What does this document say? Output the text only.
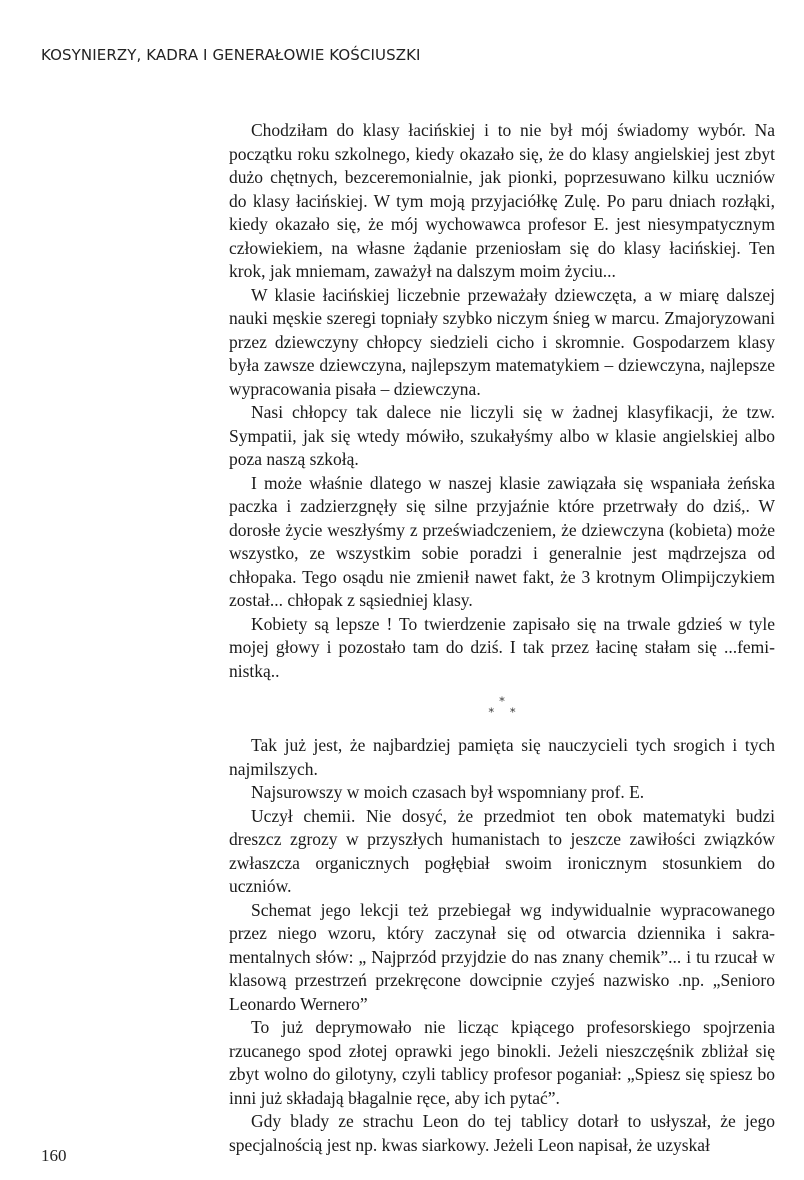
KOSYNIERZY, KADRA I GENERAŁOWIE KOŚCIUSZKI

Chodziłam do klasy łacińskiej i to nie był mój świadomy wybór. Na początku roku szkolnego, kiedy okazało się, że do klasy angielskiej jest zbyt dużo chętnych, bezceremonialnie, jak pionki, poprzesuwano kilku uczniów do klasy łacińskiej. W tym moją przyjaciółkę Zulę. Po paru dniach rozłąki, kiedy okazało się, że mój wychowawca profesor E. jest niesympatycznym człowiekiem, na własne żądanie przeniosłam się do klasy łacińskiej. Ten krok, jak mniemam, zaważył na dalszym moim życiu...

W klasie łacińskiej liczebnie przeważały dziewczęta, a w miarę dalszej nauki męskie szeregi topniały szybko niczym śnieg w marcu. Zmajoryzowani przez dziewczyny chłopcy siedzieli cicho i skromnie. Gospodarzem klasy była zawsze dziewczyna, najlepszym matematykiem – dziewczyna, najlepsze wypracowania pisała – dziewczyna.

Nasi chłopcy tak dalece nie liczyli się w żadnej klasyfikacji, że tzw. Sympatii, jak się wtedy mówiło, szukałyśmy albo w klasie angielskiej albo poza naszą szkołą.

I może właśnie dlatego w naszej klasie zawiązała się wspaniała żeńska paczka i zadzierzgnęły się silne przyjaźnie które przetrwały do dziś,. W dorosłe życie weszłyśmy z przeświadczeniem, że dziewczyna (kobieta) może wszystko, ze wszystkim sobie poradzi i generalnie jest mądrzejsza od chłopaka. Tego osądu nie zmienił nawet fakt, że 3 krotnym Olimpijczykiem został... chłopak z sąsiedniej klasy.

Kobiety są lepsze ! To twierdzenie zapisało się na trwale gdzieś w tyle mojej głowy i pozostało tam do dziś. I tak przez łacinę stałam się ...feministką..

*
* *

Tak już jest, że najbardziej pamięta się nauczycieli tych srogich i tych najmilszych.

Najsurowszy w moich czasach był wspomniany prof. E.

Uczył chemii. Nie dosyć, że przedmiot ten obok matematyki budzi dreszcz zgrozy w przyszłych humanistach to jeszcze zawiłości związków zwłaszcza organicznych pogłębiał swoim ironicznym stosunkiem do uczniów.

Schemat jego lekcji też przebiegał wg indywidualnie wypracowanego przez niego wzoru, który zaczynał się od otwarcia dziennika i sakramentalnych słów: „ Najprzód przyjdzie do nas znany chemik”... i tu rzucał w klasową przestrzeń przekręcone dowcipnie czyjeś nazwisko .np. „Senioro Leonardo Wernero”

To już deprymowało nie licząc kpiącego profesorskiego spojrzenia rzucanego spod złotej oprawki jego binokli. Jeżeli nieszczęśnik zbliżał się zbyt wolno do gilotyny, czyli tablicy profesor poganiał: „Spiesz się spiesz bo inni już składają błagalnie ręce, aby ich pytać”.

Gdy blady ze strachu Leon do tej tablicy dotarł to usłyszał, że jego specjalnością jest np. kwas siarkowy. Jeżeli Leon napisał, że uzyskał

160
